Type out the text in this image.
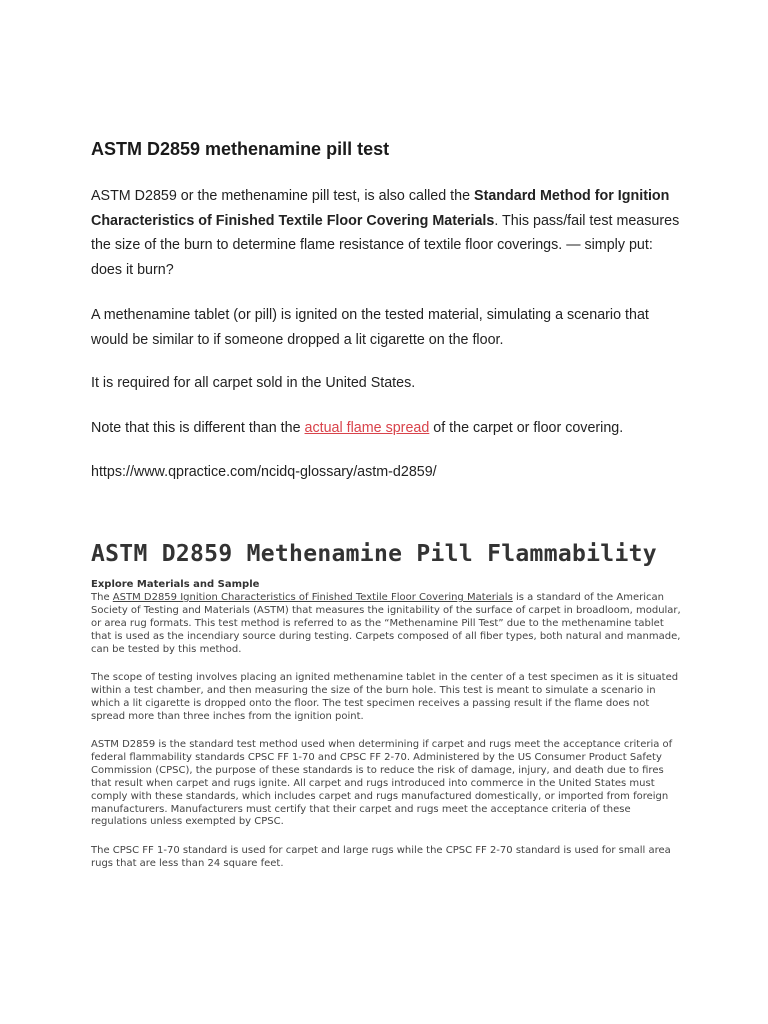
ASTM D2859 methenamine pill test

ASTM D2859 or the methenamine pill test, is also called the Standard Method for Ignition Characteristics of Finished Textile Floor Covering Materials. This pass/fail test measures the size of the burn to determine flame resistance of textile floor coverings. — simply put: does it burn?

A methenamine tablet (or pill) is ignited on the tested material, simulating a scenario that would be similar to if someone dropped a lit cigarette on the floor.

It is required for all carpet sold in the United States.

Note that this is different than the actual flame spread of the carpet or floor covering.

https://www.qpractice.com/ncidq-glossary/astm-d2859/

ASTM D2859 Methenamine Pill Flammability
Explore Materials and Sample

The ASTM D2859 Ignition Characteristics of Finished Textile Floor Covering Materials is a standard of the American Society of Testing and Materials (ASTM) that measures the ignitability of the surface of carpet in broadloom, modular, or area rug formats. This test method is referred to as the “Methenamine Pill Test” due to the methenamine tablet that is used as the incendiary source during testing. Carpets composed of all fiber types, both natural and manmade, can be tested by this method.

The scope of testing involves placing an ignited methenamine tablet in the center of a test specimen as it is situated within a test chamber, and then measuring the size of the burn hole. This test is meant to simulate a scenario in which a lit cigarette is dropped onto the floor. The test specimen receives a passing result if the flame does not spread more than three inches from the ignition point.

ASTM D2859 is the standard test method used when determining if carpet and rugs meet the acceptance criteria of federal flammability standards CPSC FF 1-70 and CPSC FF 2-70. Administered by the US Consumer Product Safety Commission (CPSC), the purpose of these standards is to reduce the risk of damage, injury, and death due to fires that result when carpet and rugs ignite. All carpet and rugs introduced into commerce in the United States must comply with these standards, which includes carpet and rugs manufactured domestically, or imported from foreign manufacturers. Manufacturers must certify that their carpet and rugs meet the acceptance criteria of these regulations unless exempted by CPSC.

The CPSC FF 1-70 standard is used for carpet and large rugs while the CPSC FF 2-70 standard is used for small area rugs that are less than 24 square feet.
